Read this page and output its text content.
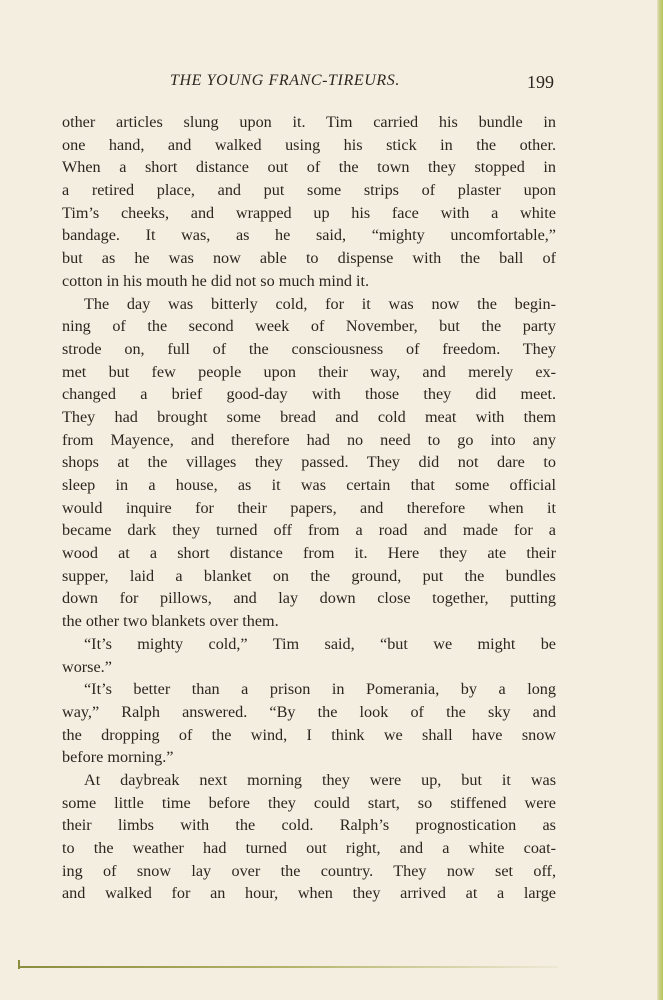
THE YOUNG FRANC-TIREURS.	199
other articles slung upon it. Tim carried his bundle in
one hand, and walked using his stick in the other.
When a short distance out of the town they stopped in
a retired place, and put some strips of plaster upon
Tim’s cheeks, and wrapped up his face with a white
bandage. It was, as he said, “mighty uncomfortable,”
but as he was now able to dispense with the ball of
cotton in his mouth he did not so much mind it.
The day was bitterly cold, for it was now the begin-
ning of the second week of November, but the party
strode on, full of the consciousness of freedom. They
met but few people upon their way, and merely ex-
changed a brief good-day with those they did meet.
They had brought some bread and cold meat with them
from Mayence, and therefore had no need to go into any
shops at the villages they passed. They did not dare to
sleep in a house, as it was certain that some official
would inquire for their papers, and therefore when it
became dark they turned off from a road and made for a
wood at a short distance from it. Here they ate their
supper, laid a blanket on the ground, put the bundles
down for pillows, and lay down close together, putting
the other two blankets over them.
“It’s mighty cold,” Tim said, “but we might be
worse.”
“It’s better than a prison in Pomerania, by a long
way,” Ralph answered. “By the look of the sky and
the dropping of the wind, I think we shall have snow
before morning.”
At daybreak next morning they were up, but it was
some little time before they could start, so stiffened were
their limbs with the cold. Ralph’s prognostication as
to the weather had turned out right, and a white coat-
ing of snow lay over the country. They now set off,
and walked for an hour, when they arrived at a large
